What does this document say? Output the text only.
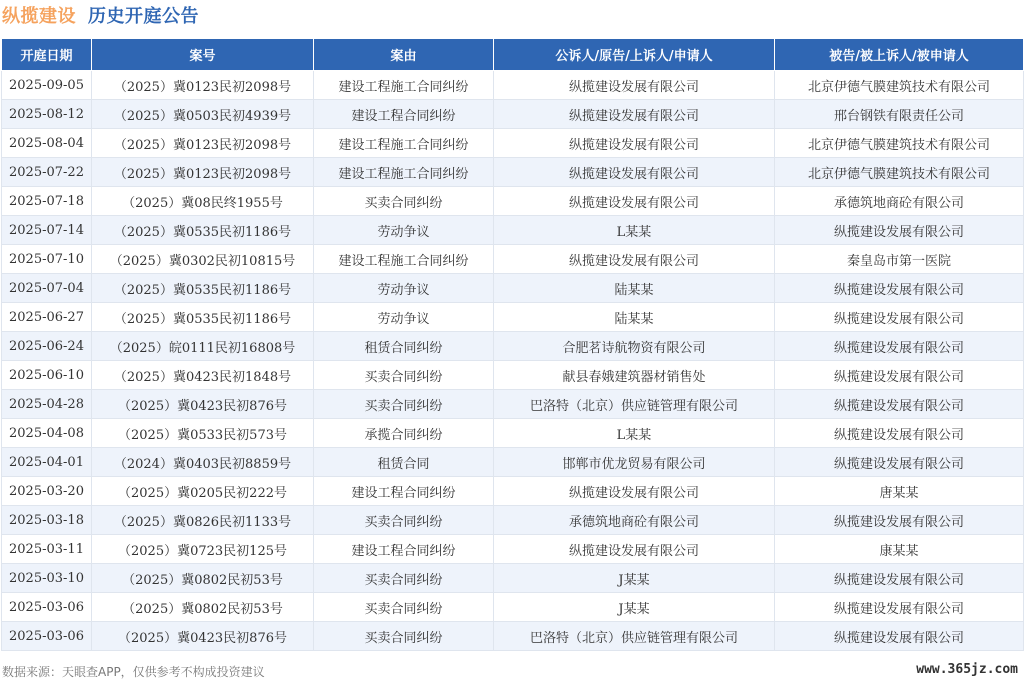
纵揽建设 历史开庭公告
开庭日期	案号	案由	公诉人/原告/上诉人/申请人	被告/被上诉人/被申请人
2025-09-05	（2025）冀0123民初2098号	建设工程施工合同纠纷	纵揽建设发展有限公司	北京伊德气膜建筑技术有限公司
2025-08-12	（2025）冀0503民初4939号	建设工程合同纠纷	纵揽建设发展有限公司	邢台钢铁有限责任公司
2025-08-04	（2025）冀0123民初2098号	建设工程施工合同纠纷	纵揽建设发展有限公司	北京伊德气膜建筑技术有限公司
2025-07-22	（2025）冀0123民初2098号	建设工程施工合同纠纷	纵揽建设发展有限公司	北京伊德气膜建筑技术有限公司
2025-07-18	（2025）冀08民终1955号	买卖合同纠纷	纵揽建设发展有限公司	承德筑地商砼有限公司
2025-07-14	（2025）冀0535民初1186号	劳动争议	L某某	纵揽建设发展有限公司
2025-07-10	（2025）冀0302民初10815号	建设工程施工合同纠纷	纵揽建设发展有限公司	秦皇岛市第一医院
2025-07-04	（2025）冀0535民初1186号	劳动争议	陆某某	纵揽建设发展有限公司
2025-06-27	（2025）冀0535民初1186号	劳动争议	陆某某	纵揽建设发展有限公司
2025-06-24	（2025）皖0111民初16808号	租赁合同纠纷	合肥茗诗航物资有限公司	纵揽建设发展有限公司
2025-06-10	（2025）冀0423民初1848号	买卖合同纠纷	献县春娥建筑器材销售处	纵揽建设发展有限公司
2025-04-28	（2025）冀0423民初876号	买卖合同纠纷	巴洛特（北京）供应链管理有限公司	纵揽建设发展有限公司
2025-04-08	（2025）冀0533民初573号	承揽合同纠纷	L某某	纵揽建设发展有限公司
2025-04-01	（2024）冀0403民初8859号	租赁合同	邯郸市优龙贸易有限公司	纵揽建设发展有限公司
2025-03-20	（2025）冀0205民初222号	建设工程合同纠纷	纵揽建设发展有限公司	唐某某
2025-03-18	（2025）冀0826民初1133号	买卖合同纠纷	承德筑地商砼有限公司	纵揽建设发展有限公司
2025-03-11	（2025）冀0723民初125号	建设工程合同纠纷	纵揽建设发展有限公司	康某某
2025-03-10	（2025）冀0802民初53号	买卖合同纠纷	J某某	纵揽建设发展有限公司
2025-03-06	（2025）冀0802民初53号	买卖合同纠纷	J某某	纵揽建设发展有限公司
2025-03-06	（2025）冀0423民初876号	买卖合同纠纷	巴洛特（北京）供应链管理有限公司	纵揽建设发展有限公司
数据来源：天眼查APP，仅供参考不构成投资建议	www.365jz.com
